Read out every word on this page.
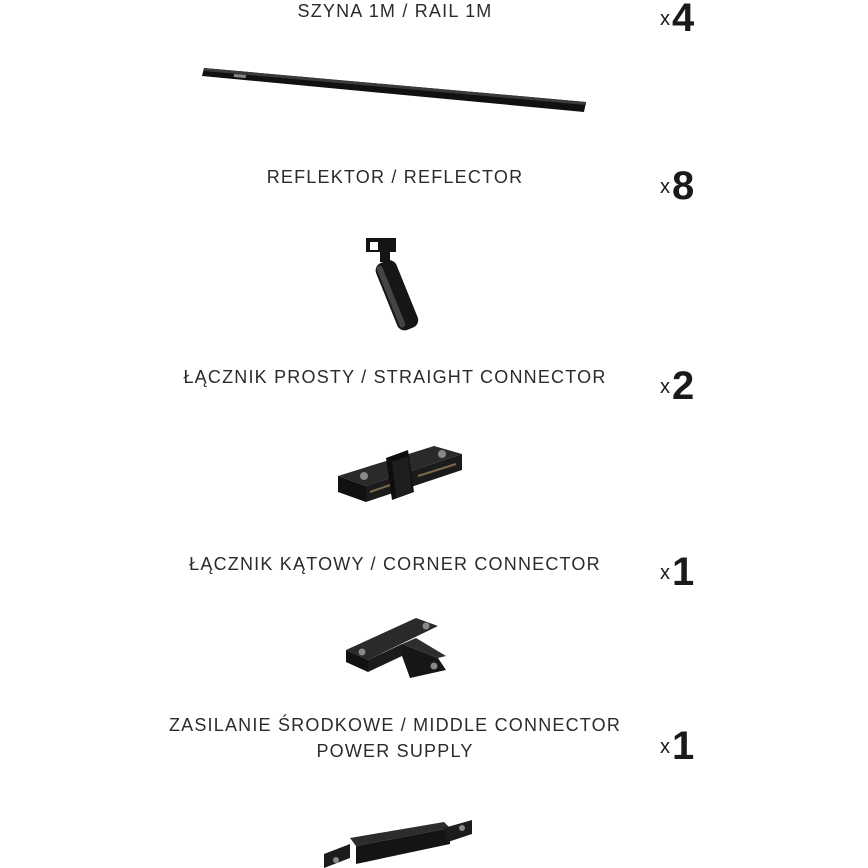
SZYNA 1M / RAIL 1M	x4
REFLEKTOR / REFLECTOR	x8
ŁĄCZNIK PROSTY / STRAIGHT CONNECTOR	x2
ŁĄCZNIK KĄTOWY / CORNER CONNECTOR	x1
ZASILANIE ŚRODKOWE / MIDDLE CONNECTOR
POWER SUPPLY	x1
